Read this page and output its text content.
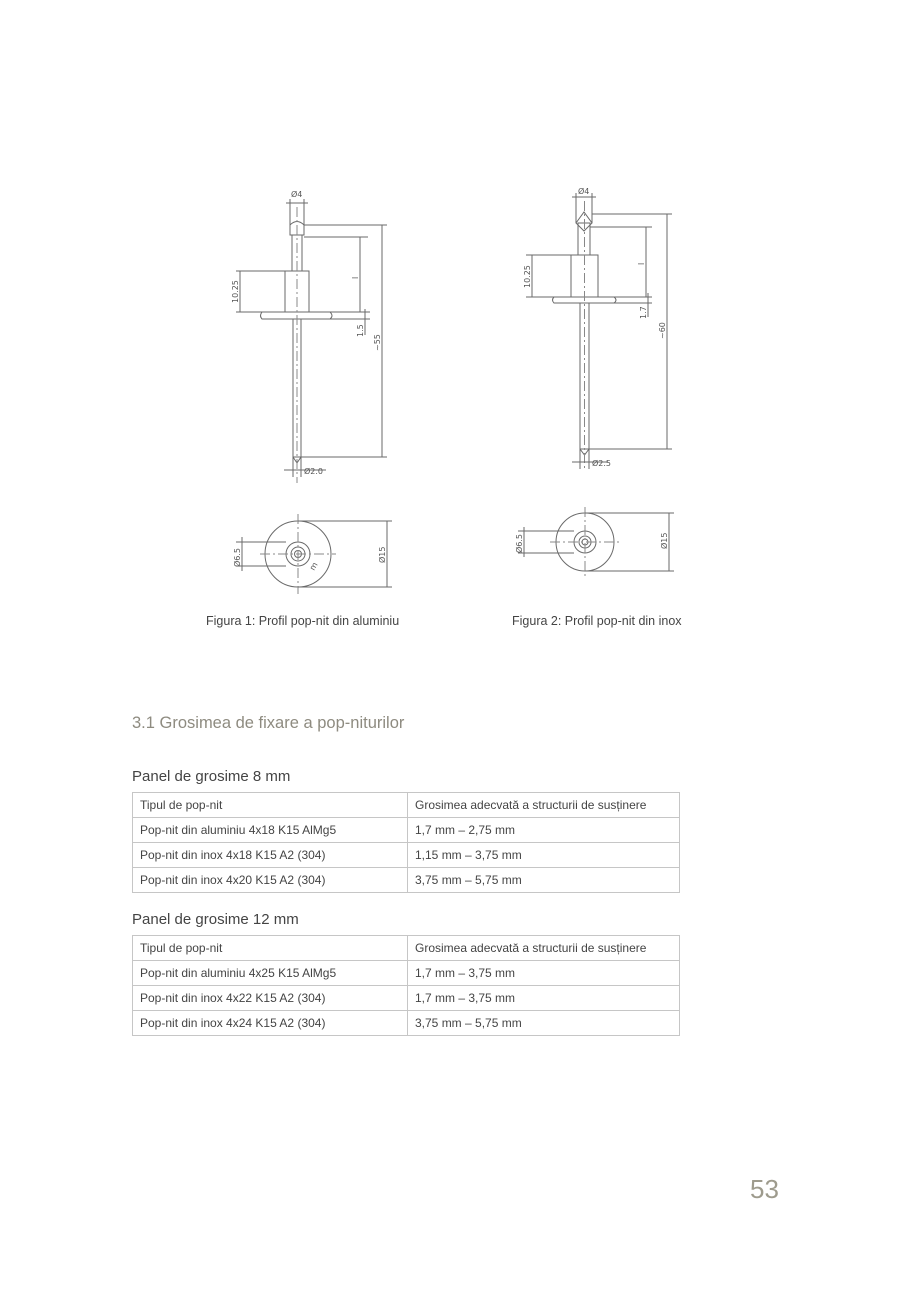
Ø4
10.25
l
1.5
~55
Ø2.0
Ø6.5	Ø15
m
Figura 1: Profil pop-nit din aluminiu
Ø4
10.25
l
1.7
~60
Ø2.5
Ø6.5	Ø15
Figura 2: Profil pop-nit din inox
3.1 Grosimea de fixare a pop-niturilor
Panel de grosime 8 mm
Tipul de pop-nit	Grosimea adecvată a structurii de susținere
Pop-nit din aluminiu 4x18 K15 AlMg5	1,7 mm – 2,75 mm
Pop-nit din inox 4x18 K15 A2 (304)	1,15 mm – 3,75 mm
Pop-nit din inox 4x20 K15 A2 (304)	3,75 mm – 5,75 mm
Panel de grosime 12 mm
Tipul de pop-nit	Grosimea adecvată a structurii de susținere
Pop-nit din aluminiu 4x25 K15 AlMg5	1,7 mm – 3,75 mm
Pop-nit din inox 4x22 K15 A2 (304)	1,7 mm – 3,75 mm
Pop-nit din inox 4x24 K15 A2 (304)	3,75 mm – 5,75 mm
53
